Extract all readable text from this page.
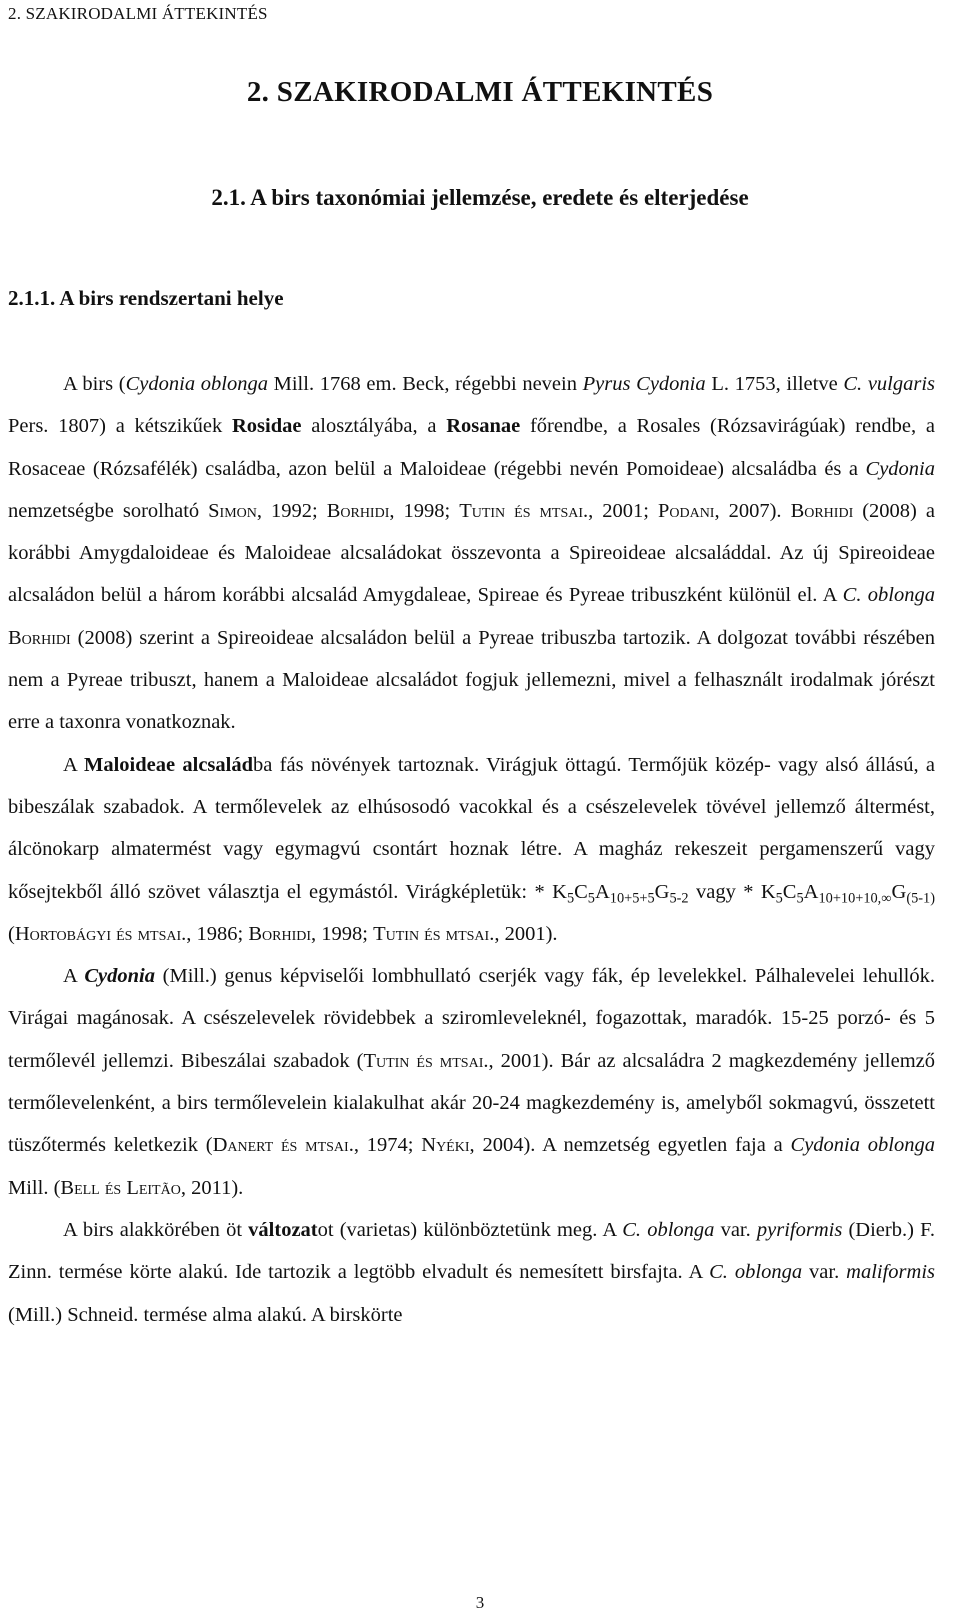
2. SZAKIRODALMI ÁTTEKINTÉS
2. SZAKIRODALMI ÁTTEKINTÉS
2.1. A birs taxonómiai jellemzése, eredete és elterjedése
2.1.1. A birs rendszertani helye

A birs (Cydonia oblonga Mill. 1768 em. Beck, régebbi nevein Pyrus Cydonia L. 1753, illetve C. vulgaris Pers. 1807) a kétszikűek Rosidae alosztályába, a Rosanae főrendbe, a Rosales (Rózsavirágúak) rendbe, a Rosaceae (Rózsafélék) családba, azon belül a Maloideae (régebbi nevén Pomoideae) alcsaládba és a Cydonia nemzetségbe sorolható Simon, 1992; Borhidi, 1998; Tutin és mtsai., 2001; Podani, 2007). Borhidi (2008) a korábbi Amygdaloideae és Maloideae alcsaládokat összevonta a Spireoideae alcsaláddal. Az új Spireoideae alcsaládon belül a három korábbi alcsalád Amygdaleae, Spireae és Pyreae tribuszként különül el. A C. oblonga Borhidi (2008) szerint a Spireoideae alcsaládon belül a Pyreae tribuszba tartozik. A dolgozat további részében nem a Pyreae tribuszt, hanem a Maloideae alcsaládot fogjuk jellemezni, mivel a felhasznált irodalmak jórészt erre a taxonra vonatkoznak.

A Maloideae alcsaládba fás növények tartoznak. Virágjuk öttagú. Termőjük közép- vagy alsó állású, a bibeszálak szabadok. A termőlevelek az elhúsosodó vacokkal és a csészelevelek tövével jellemző áltermést, álcönokarp almatermést vagy egymagvú csontárt hoznak létre. A magház rekeszeit pergamenszerű vagy kősejtekből álló szövet választja el egymástól. Virágképletük: * $K_5C_5A_{10+5+5}G_{5-2}$ vagy * $K_5C_5A_{10+10+10,\infty}G_{(5-1)}$ (Hortobágyi és mtsai., 1986; Borhidi, 1998; Tutin és mtsai., 2001).

A Cydonia (Mill.) genus képviselői lombhullató cserjék vagy fák, ép levelekkel. Pálhalevelei lehullók. Virágai magánosak. A csészelevelek rövidebbek a sziromleveleknél, fogazottak, maradók. 15-25 porzó- és 5 termőlevél jellemzi. Bibeszálai szabadok (Tutin és mtsai., 2001). Bár az alcsaládra 2 magkezdemény jellemző termőlevelenként, a birs termőlevelein kialakulhat akár 20-24 magkezdemény is, amelyből sokmagvú, összetett tüszőtermés keletkezik (Danert és mtsai., 1974; Nyéki, 2004). A nemzetség egyetlen faja a Cydonia oblonga Mill. (Bell és Leitão, 2011).

A birs alakkörében öt változatot (varietas) különböztetünk meg. A C. oblonga var. pyriformis (Dierb.) F. Zinn. termése körte alakú. Ide tartozik a legtöbb elvadult és nemesített birsfajta. A C. oblonga var. maliformis (Mill.) Schneid. termése alma alakú. A birskörte

3
